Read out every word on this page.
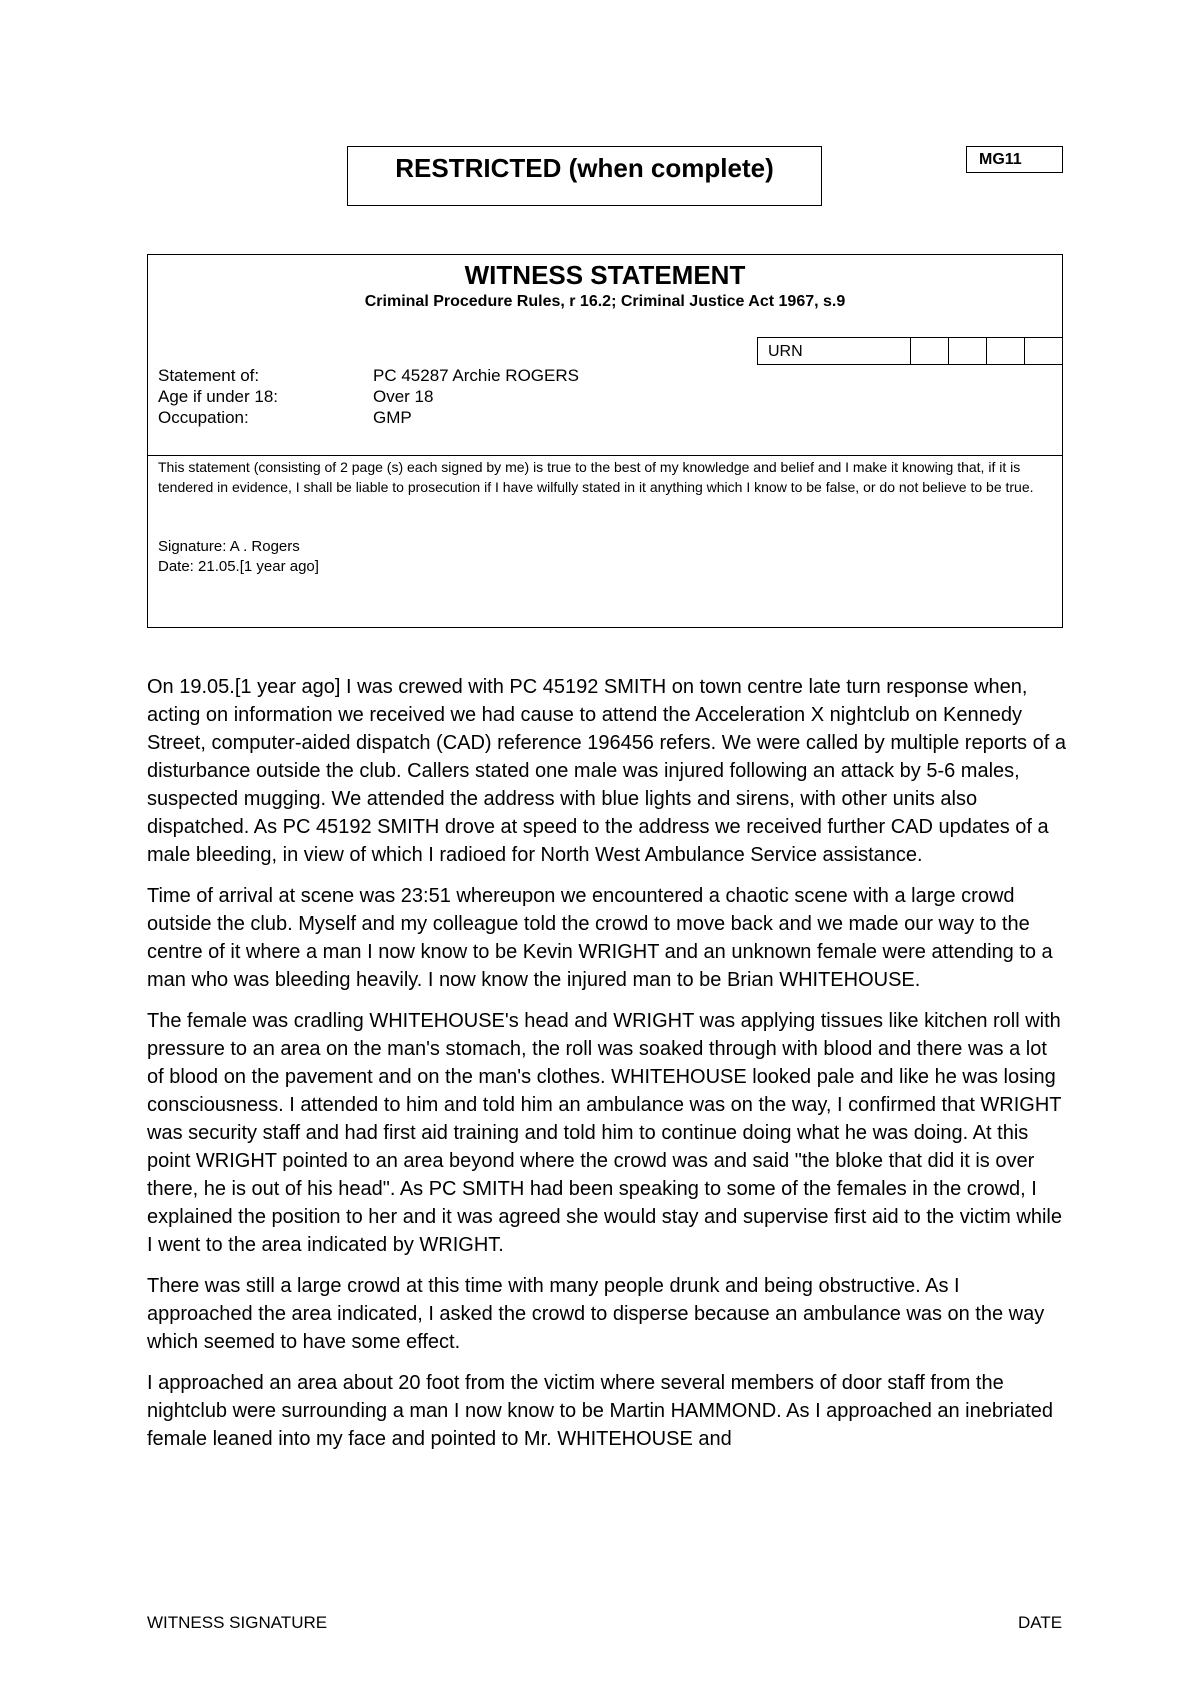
RESTRICTED (when complete)	MG11
WITNESS STATEMENT
Criminal Procedure Rules, r 16.2; Criminal Justice Act 1967, s.9
URN
Statement of:	PC 45287 Archie ROGERS
Age if under 18:	Over 18
Occupation:	GMP

This statement (consisting of 2 page (s) each signed by me) is true to the best of my knowledge and belief and I make it knowing that, if it is tendered in evidence, I shall be liable to prosecution if I have wilfully stated in it anything which I know to be false, or do not believe to be true.

Signature: A . Rogers
Date: 21.05.[1 year ago]

On 19.05.[1 year ago] I was crewed with PC 45192 SMITH on town centre late turn response when, acting on information we received we had cause to attend the Acceleration X nightclub on Kennedy Street, computer-aided dispatch (CAD) reference 196456 refers. We were called by multiple reports of a disturbance outside the club. Callers stated one male was injured following an attack by 5-6 males, suspected mugging. We attended the address with blue lights and sirens, with other units also dispatched. As PC 45192 SMITH drove at speed to the address we received further CAD updates of a male bleeding, in view of which I radioed for North West Ambulance Service assistance.

Time of arrival at scene was 23:51 whereupon we encountered a chaotic scene with a large crowd outside the club. Myself and my colleague told the crowd to move back and we made our way to the centre of it where a man I now know to be Kevin WRIGHT and an unknown female were attending to a man who was bleeding heavily. I now know the injured man to be Brian WHITEHOUSE.

The female was cradling WHITEHOUSE's head and WRIGHT was applying tissues like kitchen roll with pressure to an area on the man's stomach, the roll was soaked through with blood and there was a lot of blood on the pavement and on the man's clothes. WHITEHOUSE looked pale and like he was losing consciousness. I attended to him and told him an ambulance was on the way, I confirmed that WRIGHT was security staff and had first aid training and told him to continue doing what he was doing. At this point WRIGHT pointed to an area beyond where the crowd was and said "the bloke that did it is over there, he is out of his head". As PC SMITH had been speaking to some of the females in the crowd, I explained the position to her and it was agreed she would stay and supervise first aid to the victim while I went to the area indicated by WRIGHT.

There was still a large crowd at this time with many people drunk and being obstructive. As I approached the area indicated, I asked the crowd to disperse because an ambulance was on the way which seemed to have some effect.

I approached an area about 20 foot from the victim where several members of door staff from the nightclub were surrounding a man I now know to be Martin HAMMOND. As I approached an inebriated female leaned into my face and pointed to Mr. WHITEHOUSE and

WITNESS SIGNATURE	DATE
